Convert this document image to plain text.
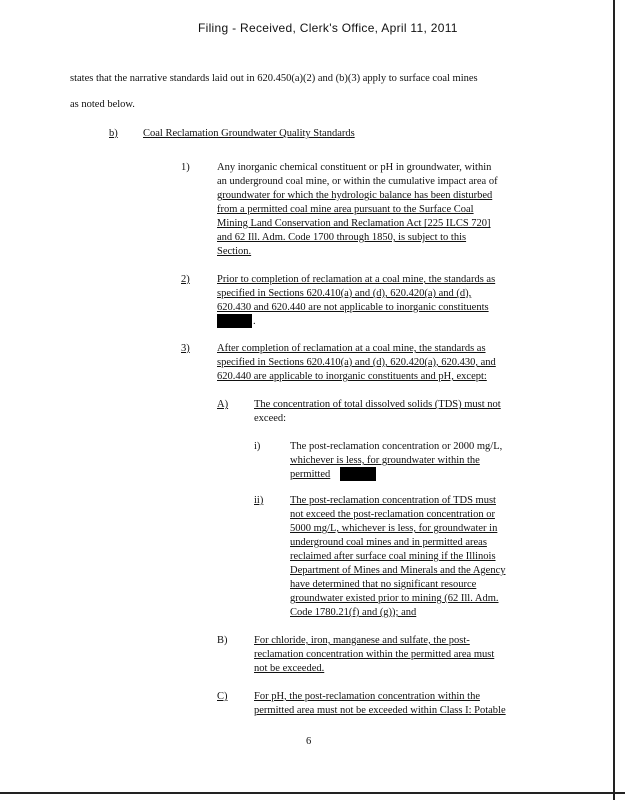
Filing - Received, Clerk's Office, April 11, 2011
states that the narrative standards laid out in 620.450(a)(2) and (b)(3) apply to surface coal mines
as noted below.
b) Coal Reclamation Groundwater Quality Standards
1)	Any inorganic chemical constituent or pH in groundwater, within
an underground coal mine, or within the cumulative impact area of
groundwater for which the hydrologic balance has been disturbed
from a permitted coal mine area pursuant to the Surface Coal
Mining Land Conservation and Reclamation Act [225 ILCS 720]
and 62 Ill. Adm. Code 1700 through 1850, is subject to this
Section.
2)	Prior to completion of reclamation at a coal mine, the standards as
specified in Sections 620.410(a) and (d), 620.420(a) and (d),
620.430 and 620.440 are not applicable to inorganic constituents
.
3)	After completion of reclamation at a coal mine, the standards as
specified in Sections 620.410(a) and (d), 620.420(a), 620.430, and
620.440 are applicable to inorganic constituents and pH, except:
A) The concentration of total dissolved solids (TDS) must not
exceed:
i)	The post-reclamation concentration or 2000 mg/L,
whichever is less, for groundwater within the
permitted
ii)	The post-reclamation concentration of TDS must
not exceed the post-reclamation concentration or
5000 mg/L, whichever is less, for groundwater in
underground coal mines and in permitted areas
reclaimed after surface coal mining if the Illinois
Department of Mines and Minerals and the Agency
have determined that no significant resource
groundwater existed prior to mining (62 Ill. Adm.
Code 1780.21(f) and (g)); and
B)	For chloride, iron, manganese and sulfate, the post-
reclamation concentration within the permitted area must
not be exceeded.
C)	For pH, the post-reclamation concentration within the
permitted area must not be exceeded within Class I: Potable
6
